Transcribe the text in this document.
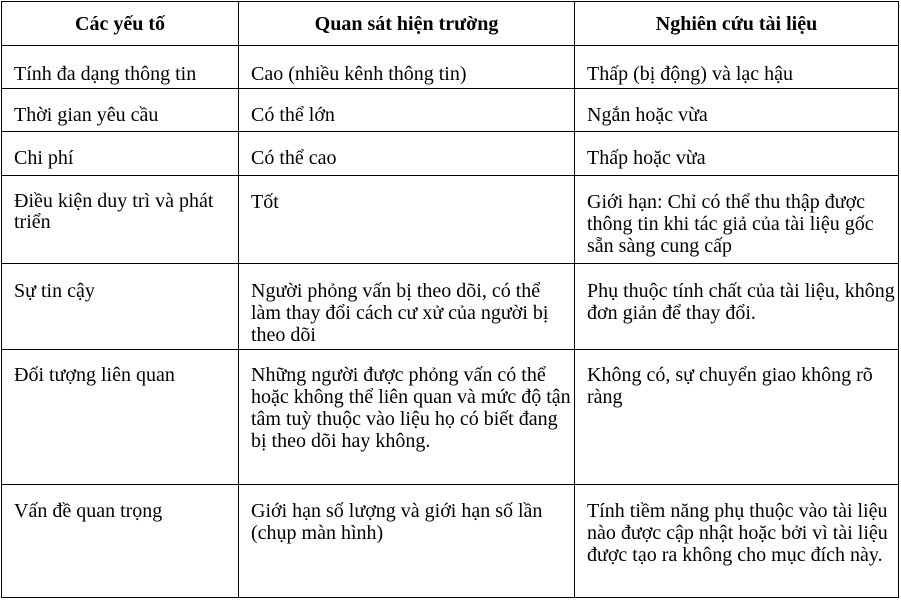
Các yếu tố	Quan sát hiện trường	Nghiên cứu tài liệu
Tính đa dạng thông tin	Cao (nhiều kênh thông tin)	Thấp (bị động) và lạc hậu
Thời gian yêu cầu	Có thể lớn	Ngắn hoặc vừa
Chi phí	Có thể cao	Thấp hoặc vừa
Điều kiện duy trì và phát triển	Tốt	Giới hạn: Chỉ có thể thu thập được thông tin khi tác giả của tài liệu gốc sẵn sàng cung cấp
Sự tin cậy	Người phỏng vấn bị theo dõi, có thể làm thay đổi cách cư xử của người bị theo dõi	Phụ thuộc tính chất của tài liệu, không đơn giản để thay đổi.
Đối tượng liên quan	Những người được phỏng vấn có thể hoặc không thể liên quan và mức độ tận tâm tuỳ thuộc vào liệu họ có biết đang bị theo dõi hay không.	Không có, sự chuyển giao không rõ ràng
Vấn đề quan trọng	Giới hạn số lượng và giới hạn số lần (chụp màn hình)	Tính tiềm năng phụ thuộc vào tài liệu nào được cập nhật hoặc bởi vì tài liệu được tạo ra không cho mục đích này.
